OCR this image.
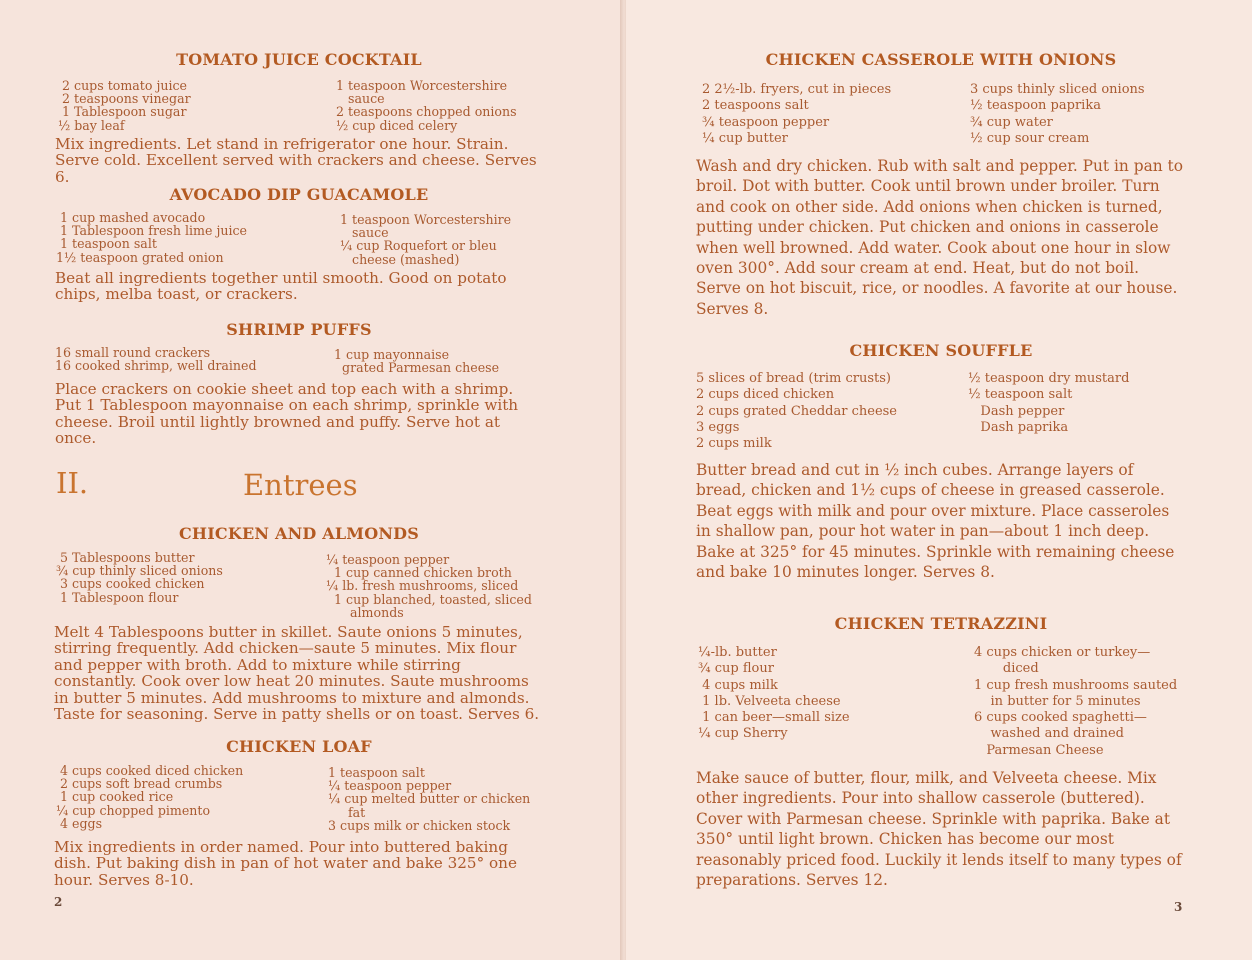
TOMATO JUICE COCKTAIL
2 cups tomato juice
2 teaspoons vinegar
1 Tablespoon sugar
½ bay leaf
1 teaspoon Worcestershire
sauce
2 teaspoons chopped onions
½ cup diced celery

Mix ingredients. Let stand in refrigerator one hour. Strain. Serve cold. Excellent served with crackers and cheese. Serves 6.

AVOCADO DIP GUACAMOLE
1 cup mashed avocado
1 Tablespoon fresh lime juice
1 teaspoon salt
1½ teaspoon grated onion
1 teaspoon Worcestershire
sauce
¼ cup Roquefort or bleu
cheese (mashed)

Beat all ingredients together until smooth. Good on potato chips, melba toast, or crackers.

SHRIMP PUFFS
16 small round crackers
16 cooked shrimp, well drained
1 cup mayonnaise
grated Parmesan cheese

Place crackers on cookie sheet and top each with a shrimp. Put 1 Tablespoon mayonnaise on each shrimp, sprinkle with cheese. Broil until lightly browned and puffy. Serve hot at once.

II.	Entrees
CHICKEN AND ALMONDS
5 Tablespoons butter
¾ cup thinly sliced onions
3 cups cooked chicken
1 Tablespoon flour
¼ teaspoon pepper
1 cup canned chicken broth
¼ lb. fresh mushrooms, sliced
1 cup blanched, toasted, sliced
almonds

Melt 4 Tablespoons butter in skillet. Saute onions 5 minutes, stirring frequently. Add chicken—saute 5 minutes. Mix flour and pepper with broth. Add to mixture while stirring constantly. Cook over low heat 20 minutes. Saute mushrooms in butter 5 minutes. Add mushrooms to mixture and almonds. Taste for seasoning. Serve in patty shells or on toast. Serves 6.

CHICKEN LOAF
4 cups cooked diced chicken
2 cups soft bread crumbs
1 cup cooked rice
¼ cup chopped pimento
4 eggs
1 teaspoon salt
¼ teaspoon pepper
¼ cup melted butter or chicken
fat
3 cups milk or chicken stock

Mix ingredients in order named. Pour into buttered baking dish. Put baking dish in pan of hot water and bake 325° one hour. Serves 8-10.

2
CHICKEN CASSEROLE WITH ONIONS
2 2½-lb. fryers, cut in pieces
2 teaspoons salt
¾ teaspoon pepper
¼ cup butter
3 cups thinly sliced onions
½ teaspoon paprika
¾ cup water
½ cup sour cream

Wash and dry chicken. Rub with salt and pepper. Put in pan to broil. Dot with butter. Cook until brown under broiler. Turn and cook on other side. Add onions when chicken is turned, putting under chicken. Put chicken and onions in casserole when well browned. Add water. Cook about one hour in slow oven 300°. Add sour cream at end. Heat, but do not boil. Serve on hot biscuit, rice, or noodles. A favorite at our house. Serves 8.

CHICKEN SOUFFLE
5 slices of bread (trim crusts)
2 cups diced chicken
2 cups grated Cheddar cheese
3 eggs
2 cups milk
½ teaspoon dry mustard
½ teaspoon salt
Dash pepper
Dash paprika

Butter bread and cut in ½ inch cubes. Arrange layers of bread, chicken and 1½ cups of cheese in greased casserole. Beat eggs with milk and pour over mixture. Place casseroles in shallow pan, pour hot water in pan—about 1 inch deep. Bake at 325° for 45 minutes. Sprinkle with remaining cheese and bake 10 minutes longer. Serves 8.

CHICKEN TETRAZZINI
¼-lb. butter
¾ cup flour
4 cups milk
1 lb. Velveeta cheese
1 can beer—small size
¼ cup Sherry
4 cups chicken or turkey—
diced
1 cup fresh mushrooms sauted
in butter for 5 minutes
6 cups cooked spaghetti—
washed and drained
Parmesan Cheese

Make sauce of butter, flour, milk, and Velveeta cheese. Mix other ingredients. Pour into shallow casserole (buttered). Cover with Parmesan cheese. Sprinkle with paprika. Bake at 350° until light brown. Chicken has become our most reasonably priced food. Luckily it lends itself to many types of preparations. Serves 12.

3
